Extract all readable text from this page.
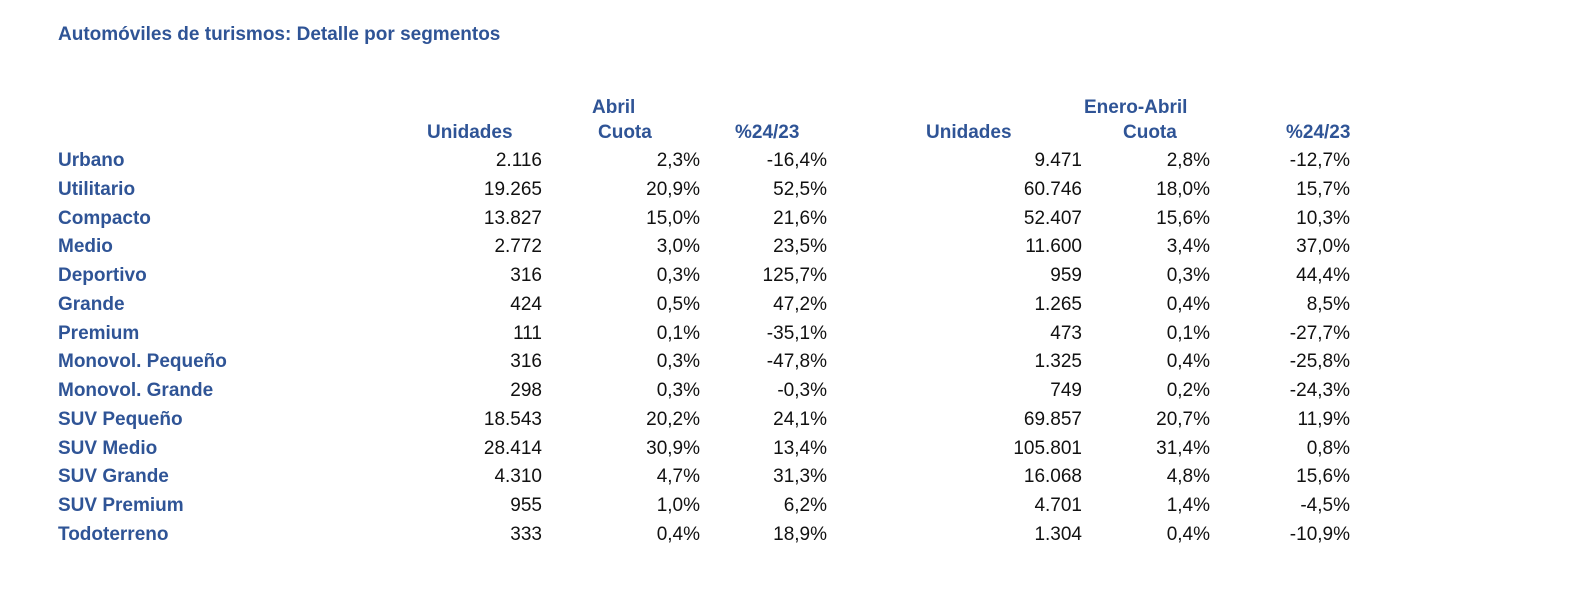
Automóviles de turismos: Detalle por segmentos
Abril	Enero-Abril
Unidades	Cuota	%24/23	Unidades	Cuota	%24/23
Urbano	2.116	2,3%	-16,4%	9.471	2,8%	-12,7%
Utilitario	19.265	20,9%	52,5%	60.746	18,0%	15,7%
Compacto	13.827	15,0%	21,6%	52.407	15,6%	10,3%
Medio	2.772	3,0%	23,5%	11.600	3,4%	37,0%
Deportivo	316	0,3%	125,7%	959	0,3%	44,4%
Grande	424	0,5%	47,2%	1.265	0,4%	8,5%
Premium	111	0,1%	-35,1%	473	0,1%	-27,7%
Monovol. Pequeño	316	0,3%	-47,8%	1.325	0,4%	-25,8%
Monovol. Grande	298	0,3%	-0,3%	749	0,2%	-24,3%
SUV Pequeño	18.543	20,2%	24,1%	69.857	20,7%	11,9%
SUV Medio	28.414	30,9%	13,4%	105.801	31,4%	0,8%
SUV Grande	4.310	4,7%	31,3%	16.068	4,8%	15,6%
SUV Premium	955	1,0%	6,2%	4.701	1,4%	-4,5%
Todoterreno	333	0,4%	18,9%	1.304	0,4%	-10,9%
